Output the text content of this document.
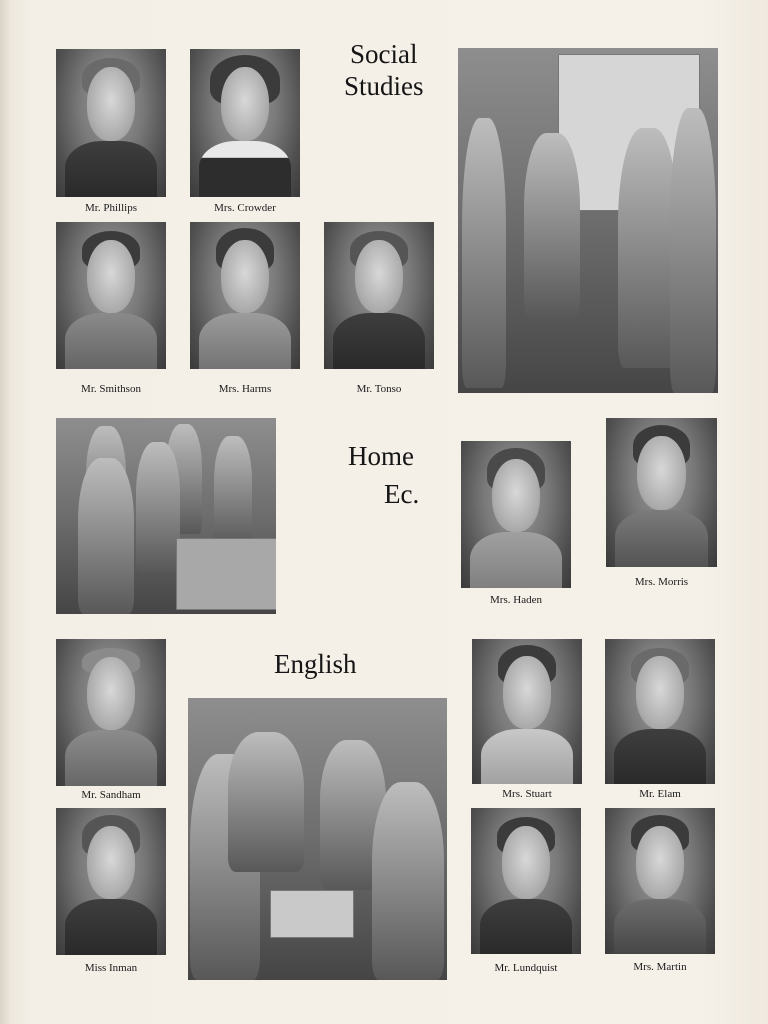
Social
Studies
Mr. Phillips	Mrs. Crowder
Mr. Smithson	Mrs. Harms	Mr. Tonso
Home
Ec.
Mrs. Haden
Mrs. Morris
English
Mr. Sandham	Mrs. Stuart	Mr. Elam
Miss Inman	Mr. Lundquist	Mrs. Martin
